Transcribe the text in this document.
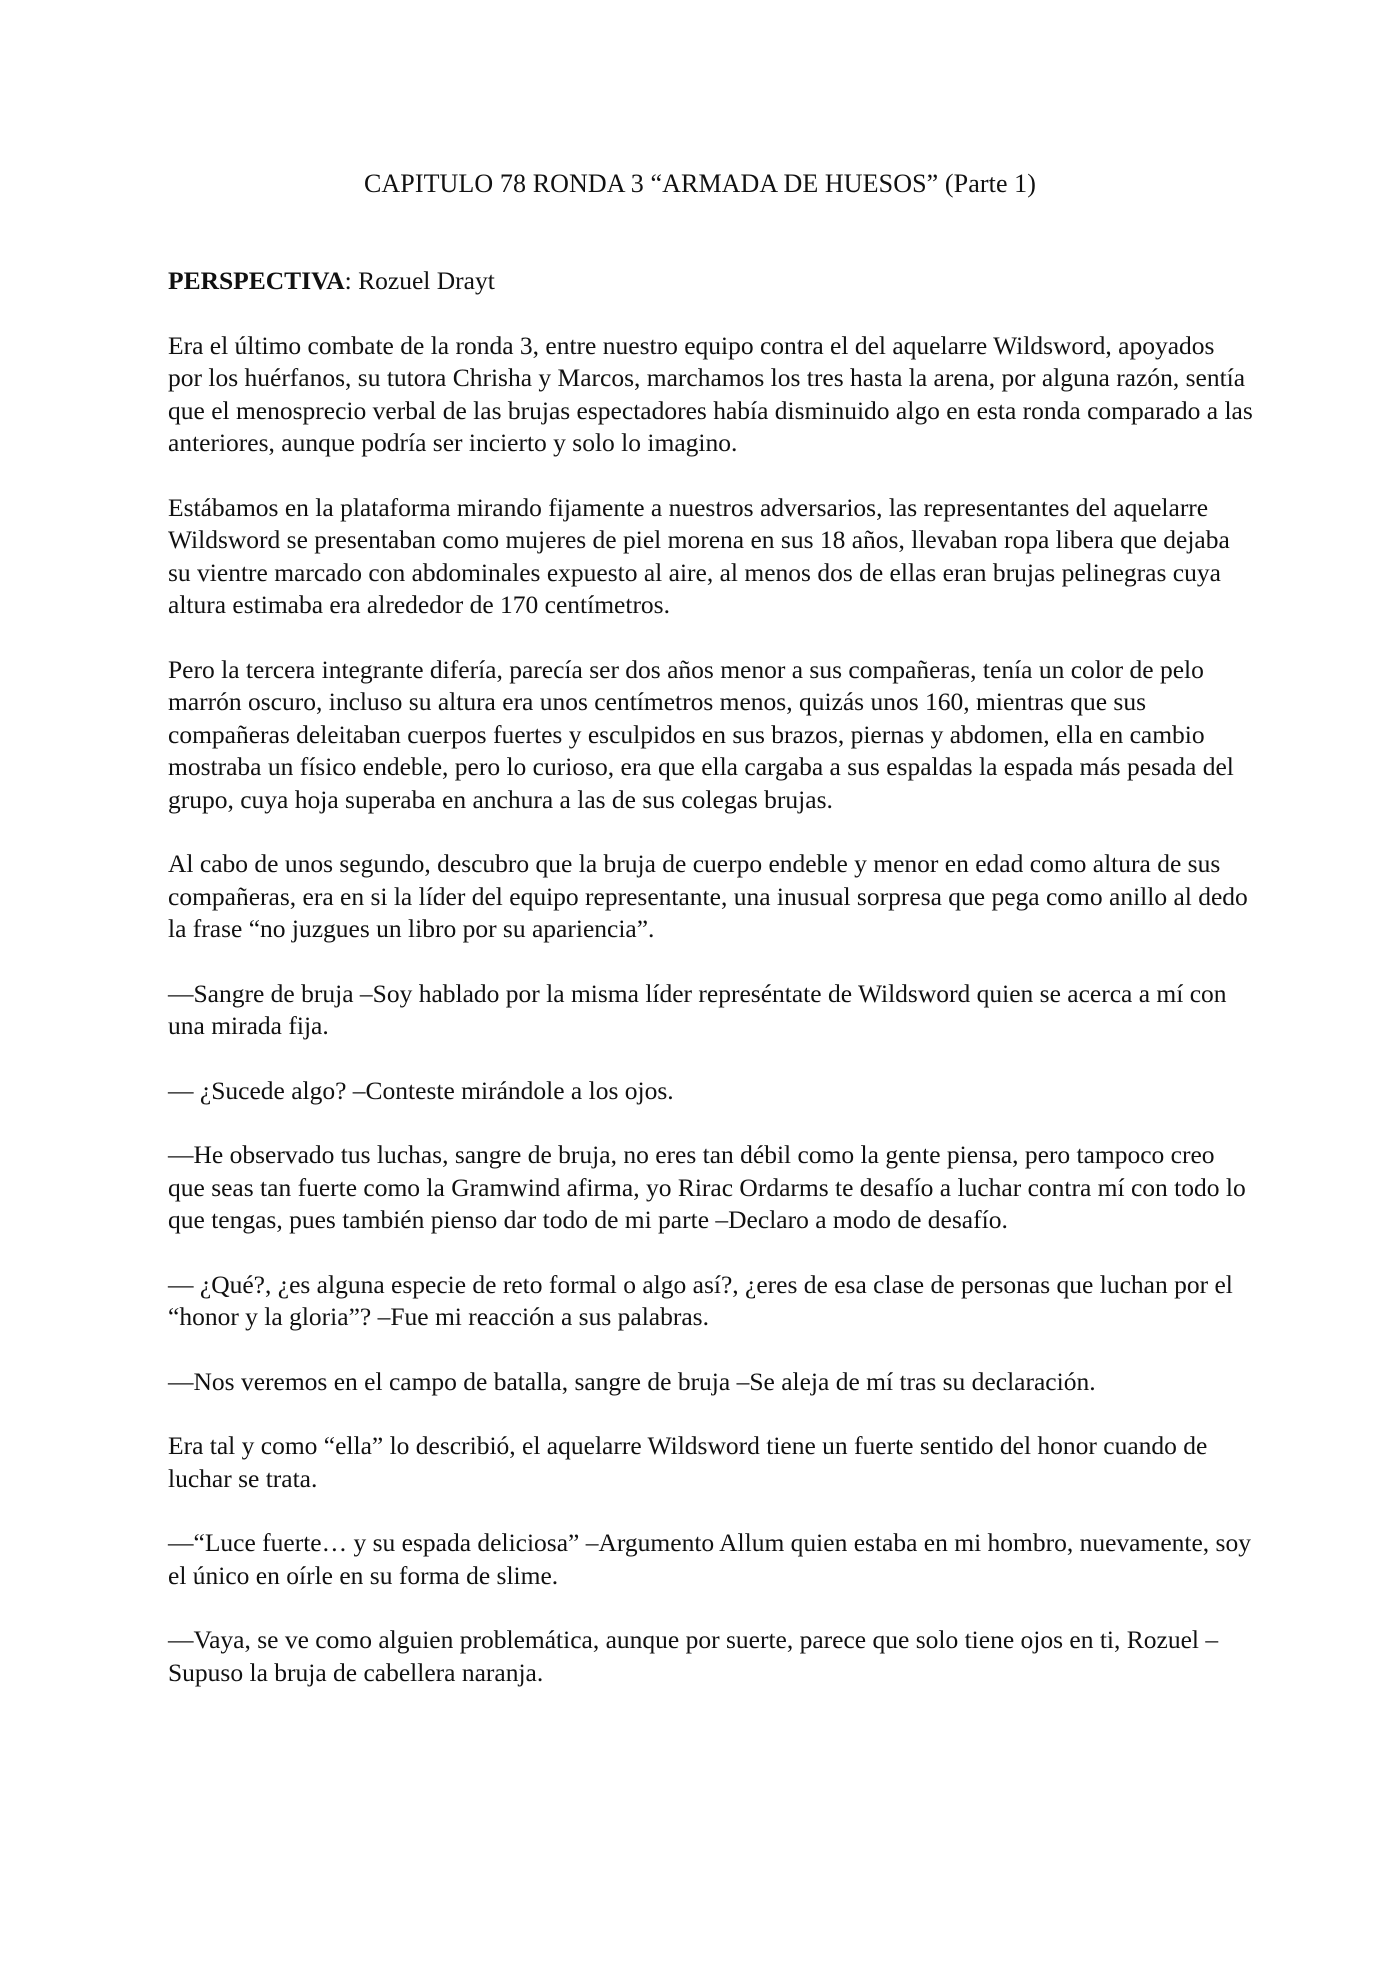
CAPITULO 78 RONDA 3 “ARMADA DE HUESOS” (Parte 1)

PERSPECTIVA: Rozuel Drayt

Era el último combate de la ronda 3, entre nuestro equipo contra el del aquelarre Wildsword, apoyados por los huérfanos, su tutora Chrisha y Marcos, marchamos los tres hasta la arena, por alguna razón, sentía que el menosprecio verbal de las brujas espectadores había disminuido algo en esta ronda comparado a las anteriores, aunque podría ser incierto y solo lo imagino.

Estábamos en la plataforma mirando fijamente a nuestros adversarios, las representantes del aquelarre Wildsword se presentaban como mujeres de piel morena en sus 18 años, llevaban ropa libera que dejaba su vientre marcado con abdominales expuesto al aire, al menos dos de ellas eran brujas pelinegras cuya altura estimaba era alrededor de 170 centímetros.

Pero la tercera integrante difería, parecía ser dos años menor a sus compañeras, tenía un color de pelo marrón oscuro, incluso su altura era unos centímetros menos, quizás unos 160, mientras que sus compañeras deleitaban cuerpos fuertes y esculpidos en sus brazos, piernas y abdomen, ella en cambio mostraba un físico endeble, pero lo curioso, era que ella cargaba a sus espaldas la espada más pesada del grupo, cuya hoja superaba en anchura a las de sus colegas brujas.

Al cabo de unos segundo, descubro que la bruja de cuerpo endeble y menor en edad como altura de sus compañeras, era en si la líder del equipo representante, una inusual sorpresa que pega como anillo al dedo la frase “no juzgues un libro por su apariencia”.

—Sangre de bruja –Soy hablado por la misma líder represéntate de Wildsword quien se acerca a mí con una mirada fija.

— ¿Sucede algo? –Conteste mirándole a los ojos.

—He observado tus luchas, sangre de bruja, no eres tan débil como la gente piensa, pero tampoco creo que seas tan fuerte como la Gramwind afirma, yo Rirac Ordarms te desafío a luchar contra mí con todo lo que tengas, pues también pienso dar todo de mi parte –Declaro a modo de desafío.

— ¿Qué?, ¿es alguna especie de reto formal o algo así?, ¿eres de esa clase de personas que luchan por el “honor y la gloria”? –Fue mi reacción a sus palabras.

—Nos veremos en el campo de batalla, sangre de bruja –Se aleja de mí tras su declaración.

Era tal y como “ella” lo describió, el aquelarre Wildsword tiene un fuerte sentido del honor cuando de luchar se trata.

—“Luce fuerte… y su espada deliciosa” –Argumento Allum quien estaba en mi hombro, nuevamente, soy el único en oírle en su forma de slime.

—Vaya, se ve como alguien problemática, aunque por suerte, parece que solo tiene ojos en ti, Rozuel –Supuso la bruja de cabellera naranja.
